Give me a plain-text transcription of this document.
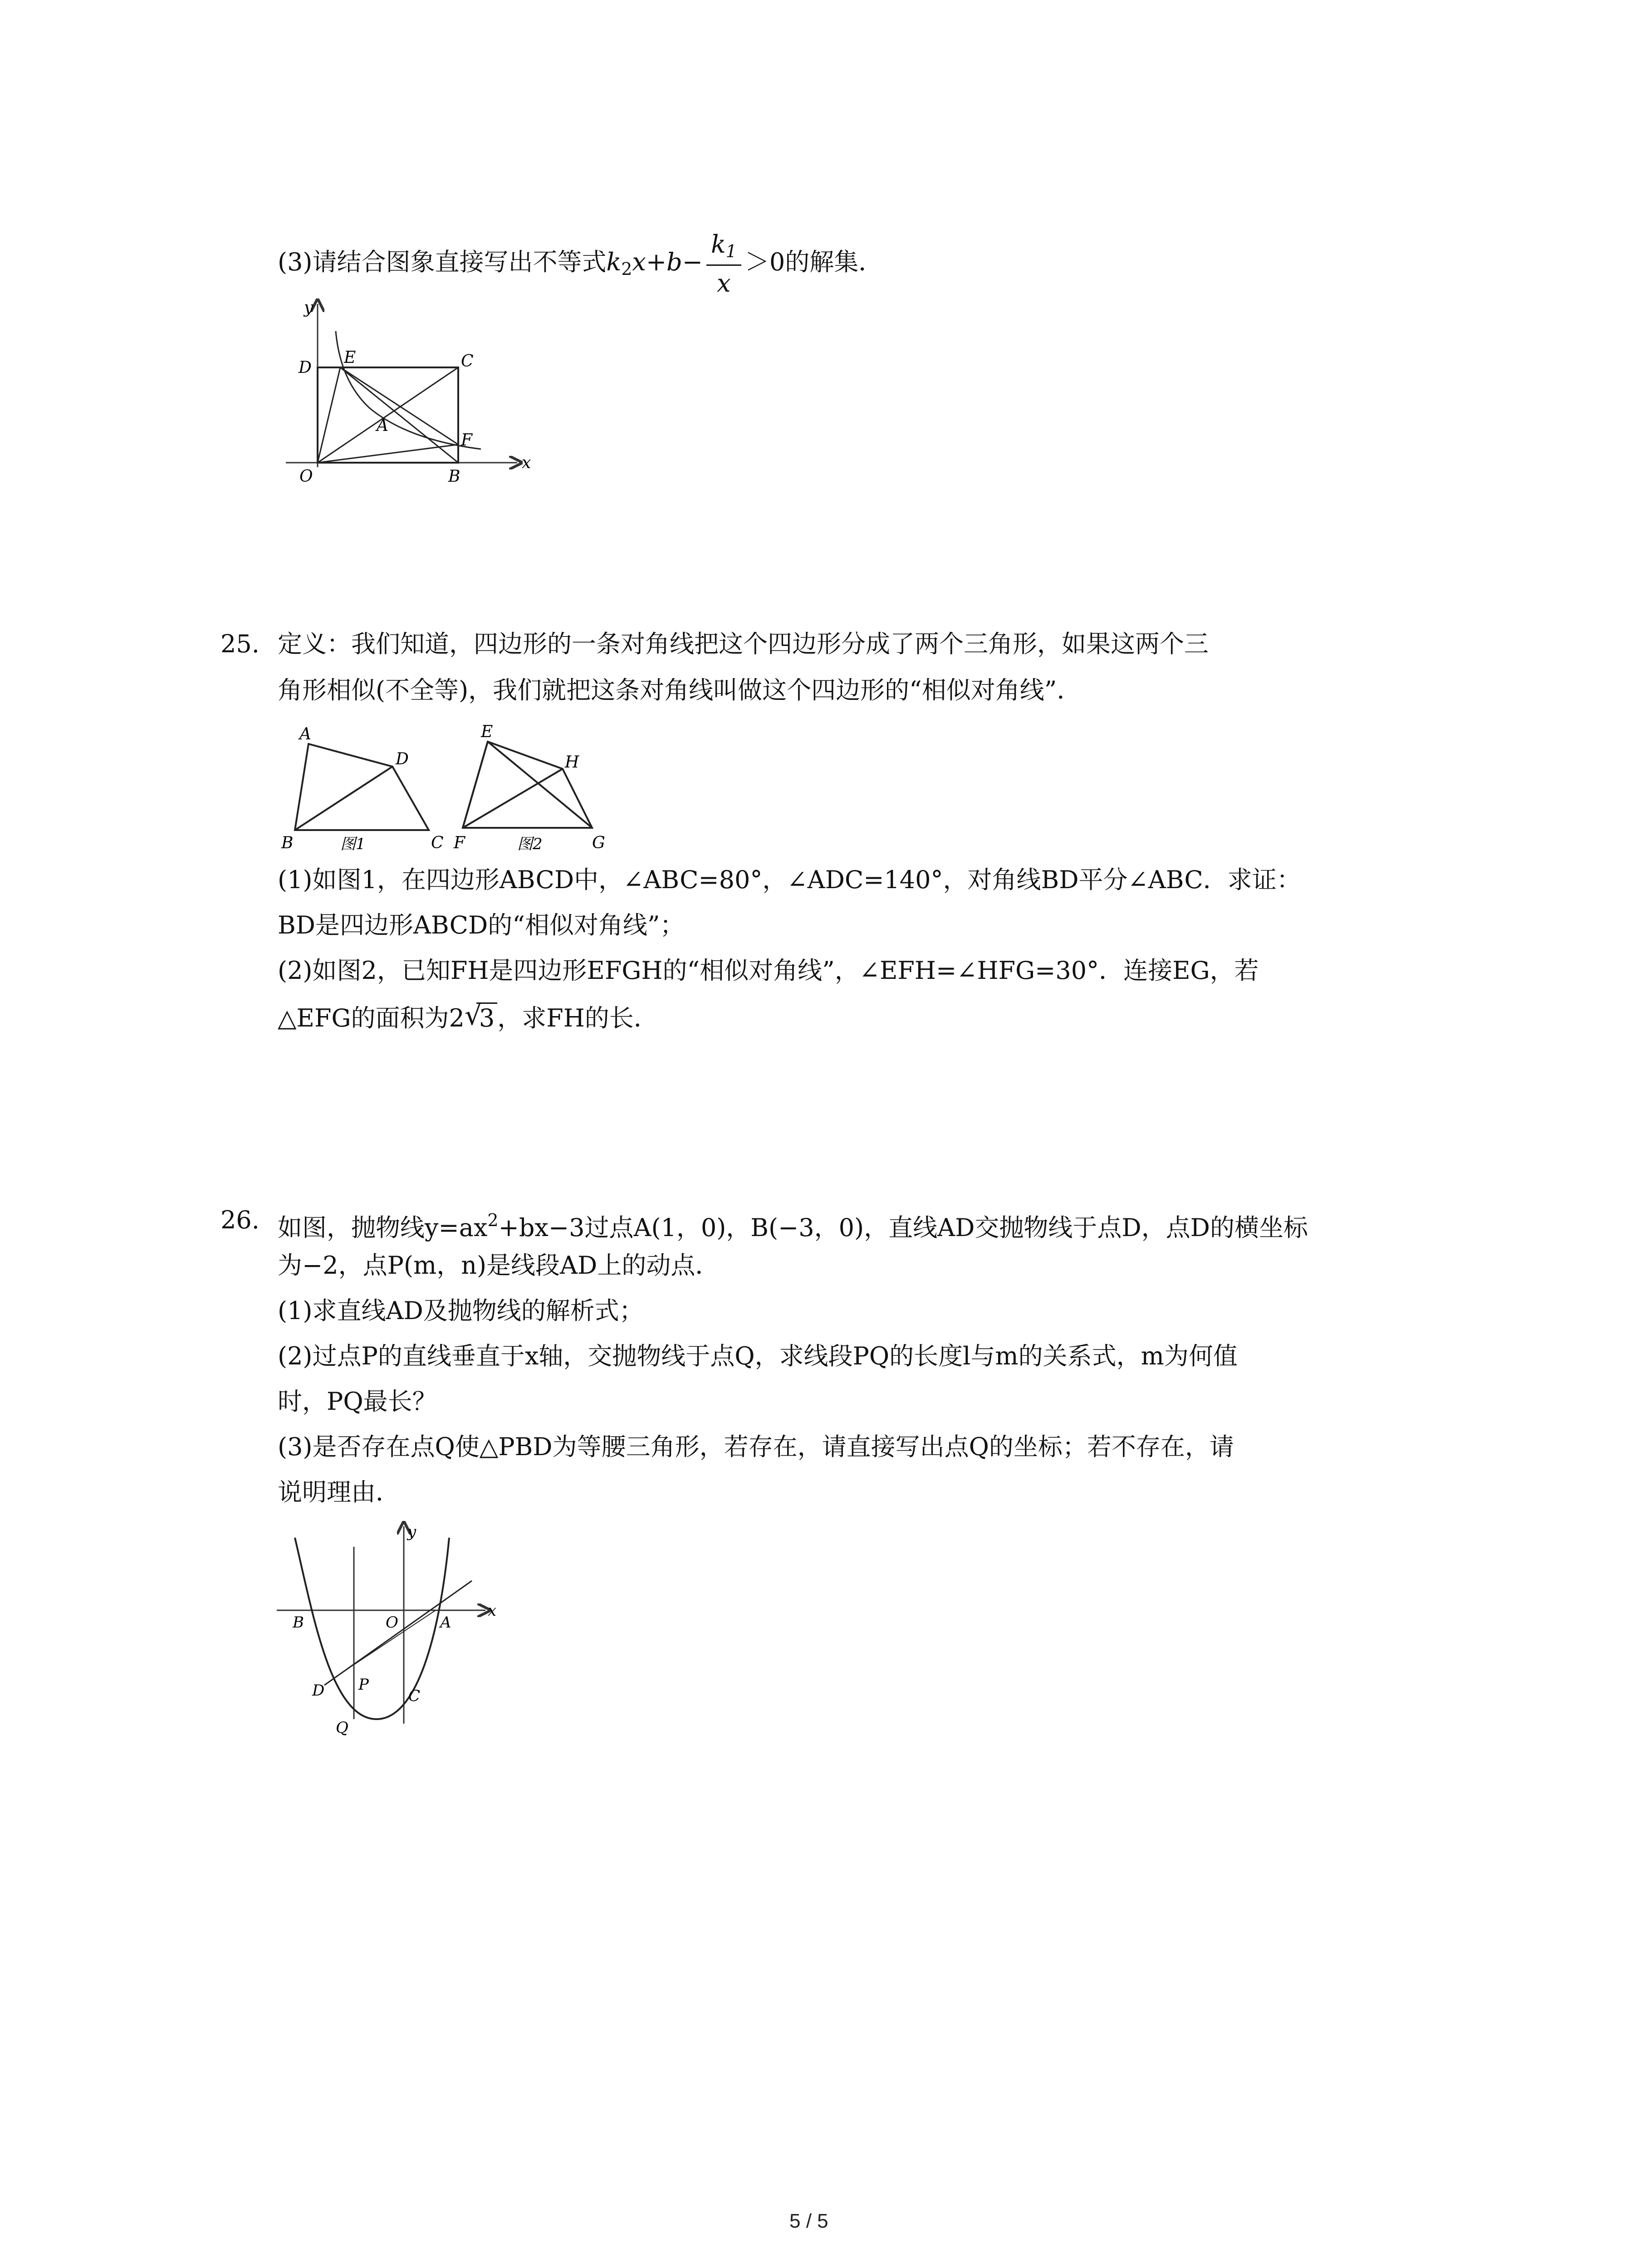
(3)请结合图象直接写出不等式$k_2x+b- \frac{k_1}{x} >0$的解集．
y
x
D
E	C
A
F
O	B
25. 定义：我们知道，四边形的一条对角线把这个四边形分成了两个三角形，如果这两个三
角形相似(不全等)，我们就把这条对角线叫做这个四边形的“相似对角线”．
A
D
B	C
图1
E
H
F	G
图2
(1)如图1，在四边形ABCD中，∠ABC=80°，∠ADC=140°，对角线BD平分∠ABC．求证：
BD是四边形ABCD的“相似对角线”；
(2)如图2，已知FH是四边形EFGH的“相似对角线”，∠EFH=∠HFG=30°．连接EG，若
△EFG的面积为2 √
3 ，求FH的长．
26. 如图，抛物线$y=ax^2+bx-3$过点A(1，0)，B(−3，0)，直线AD交抛物线于点D，点D的横坐标
为−2，点P(m，n)是线段AD上的动点．
(1)求直线AD及抛物线的解析式；
(2)过点P的直线垂直于x轴，交抛物线于点Q，求线段PQ的长度l与m的关系式，m为何值
时，PQ最长？
(3)是否存在点Q使△PBD为等腰三角形，若存在，请直接写出点Q的坐标；若不存在，请
说明理由．
y
x
B	O	A
D P
C
Q
5 / 5
